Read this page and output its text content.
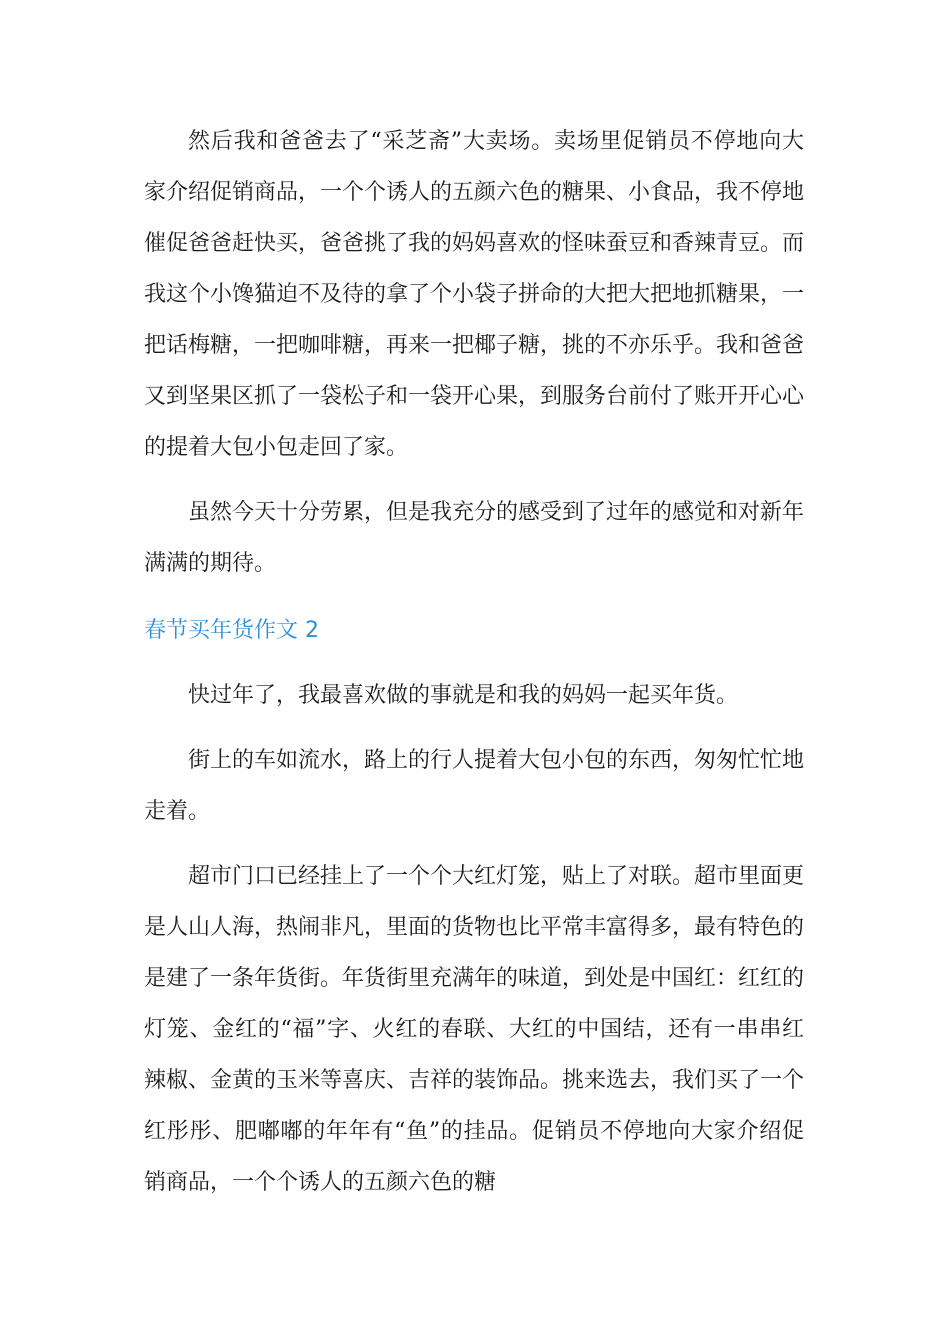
然后我和爸爸去了“采芝斋”大卖场。卖场里促销员不停地向大家介绍促销商品，一个个诱人的五颜六色的糖果、小食品，我不停地催促爸爸赶快买，爸爸挑了我的妈妈喜欢的怪味蚕豆和香辣青豆。而我这个小馋猫迫不及待的拿了个小袋子拼命的大把大把地抓糖果，一把话梅糖，一把咖啡糖，再来一把椰子糖，挑的不亦乐乎。我和爸爸又到坚果区抓了一袋松子和一袋开心果，到服务台前付了账开开心心的提着大包小包走回了家。

虽然今天十分劳累，但是我充分的感受到了过年的感觉和对新年满满的期待。

春节买年货作文 2

快过年了，我最喜欢做的事就是和我的妈妈一起买年货。

街上的车如流水，路上的行人提着大包小包的东西，匆匆忙忙地走着。

超市门口已经挂上了一个个大红灯笼，贴上了对联。超市里面更是人山人海，热闹非凡，里面的货物也比平常丰富得多，最有特色的是建了一条年货街。年货街里充满年的味道，到处是中国红：红红的灯笼、金红的“福”字、火红的春联、大红的中国结，还有一串串红辣椒、金黄的玉米等喜庆、吉祥的装饰品。挑来选去，我们买了一个红彤彤、肥嘟嘟的年年有“鱼”的挂品。促销员不停地向大家介绍促销商品，一个个诱人的五颜六色的糖
